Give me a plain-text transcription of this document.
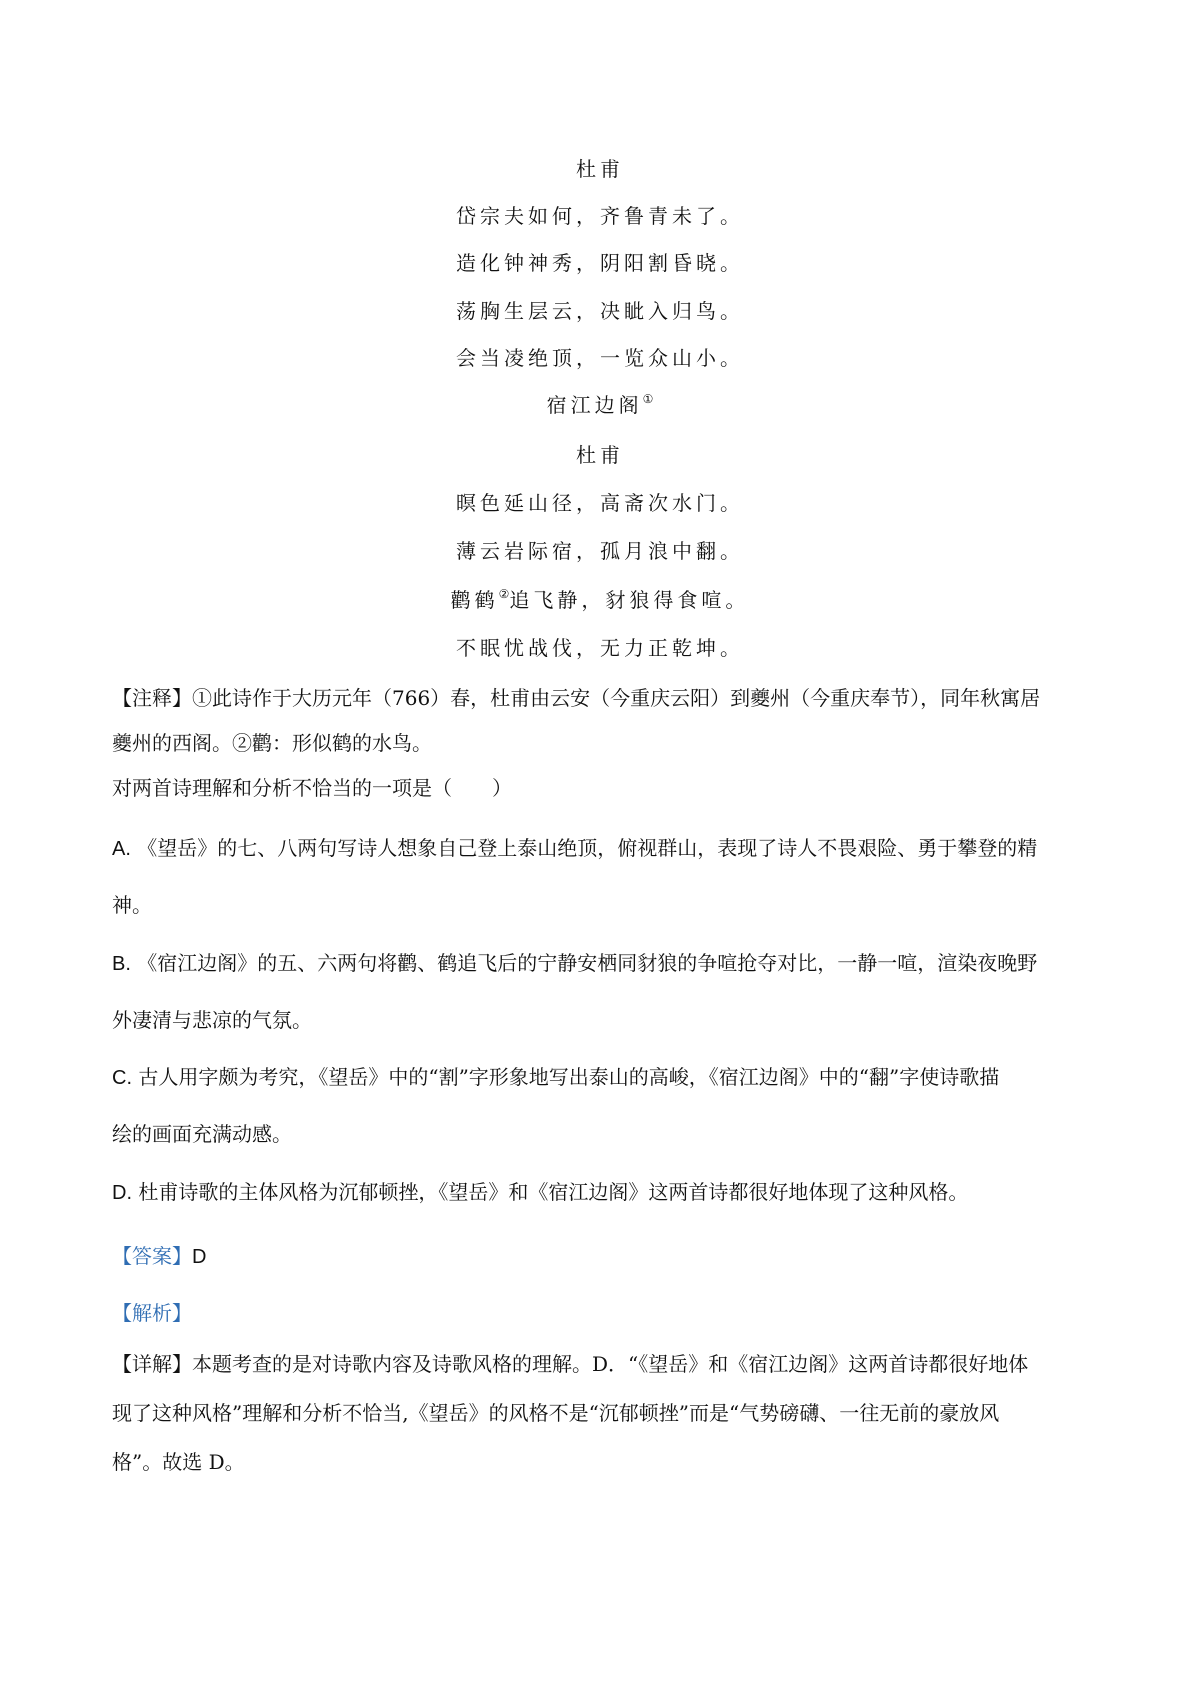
杜甫
岱宗夫如何，齐鲁青未了。
造化钟神秀，阴阳割昏晓。
荡胸生层云，决眦入归鸟。
会当凌绝顶，一览众山小。
宿江边阁①
杜甫
暝色延山径，高斋次水门。
薄云岩际宿，孤月浪中翻。
鹳鹤②追飞静，豺狼得食喧。
不眠忧战伐，无力正乾坤。
【注释】①此诗作于大历元年（766）春，杜甫由云安（今重庆云阳）到夔州（今重庆奉节），同年秋寓居
夔州的西阁。②鹳：形似鹤的水鸟。
对两首诗理解和分析不恰当的一项是（　　）
A. 《望岳》的七、八两句写诗人想象自己登上泰山绝顶，俯视群山，表现了诗人不畏艰险、勇于攀登的精
神。
B. 《宿江边阁》的五、六两句将鹳、鹤追飞后的宁静安栖同豺狼的争喧抢夺对比，一静一喧，渲染夜晚野
外凄清与悲凉的气氛。
C. 古人用字颇为考究，《望岳》中的“割”字形象地写出泰山的高峻，《宿江边阁》中的“翻”字使诗歌描
绘的画面充满动感。
D. 杜甫诗歌的主体风格为沉郁顿挫，《望岳》和《宿江边阁》这两首诗都很好地体现了这种风格。
【答案】D
【解析】
【详解】本题考查的是对诗歌内容及诗歌风格的理解。D．“《望岳》和《宿江边阁》这两首诗都很好地体
现了这种风格”理解和分析不恰当,《望岳》的风格不是“沉郁顿挫”而是“气势磅礴、一往无前的豪放风
格”。故选 D。
